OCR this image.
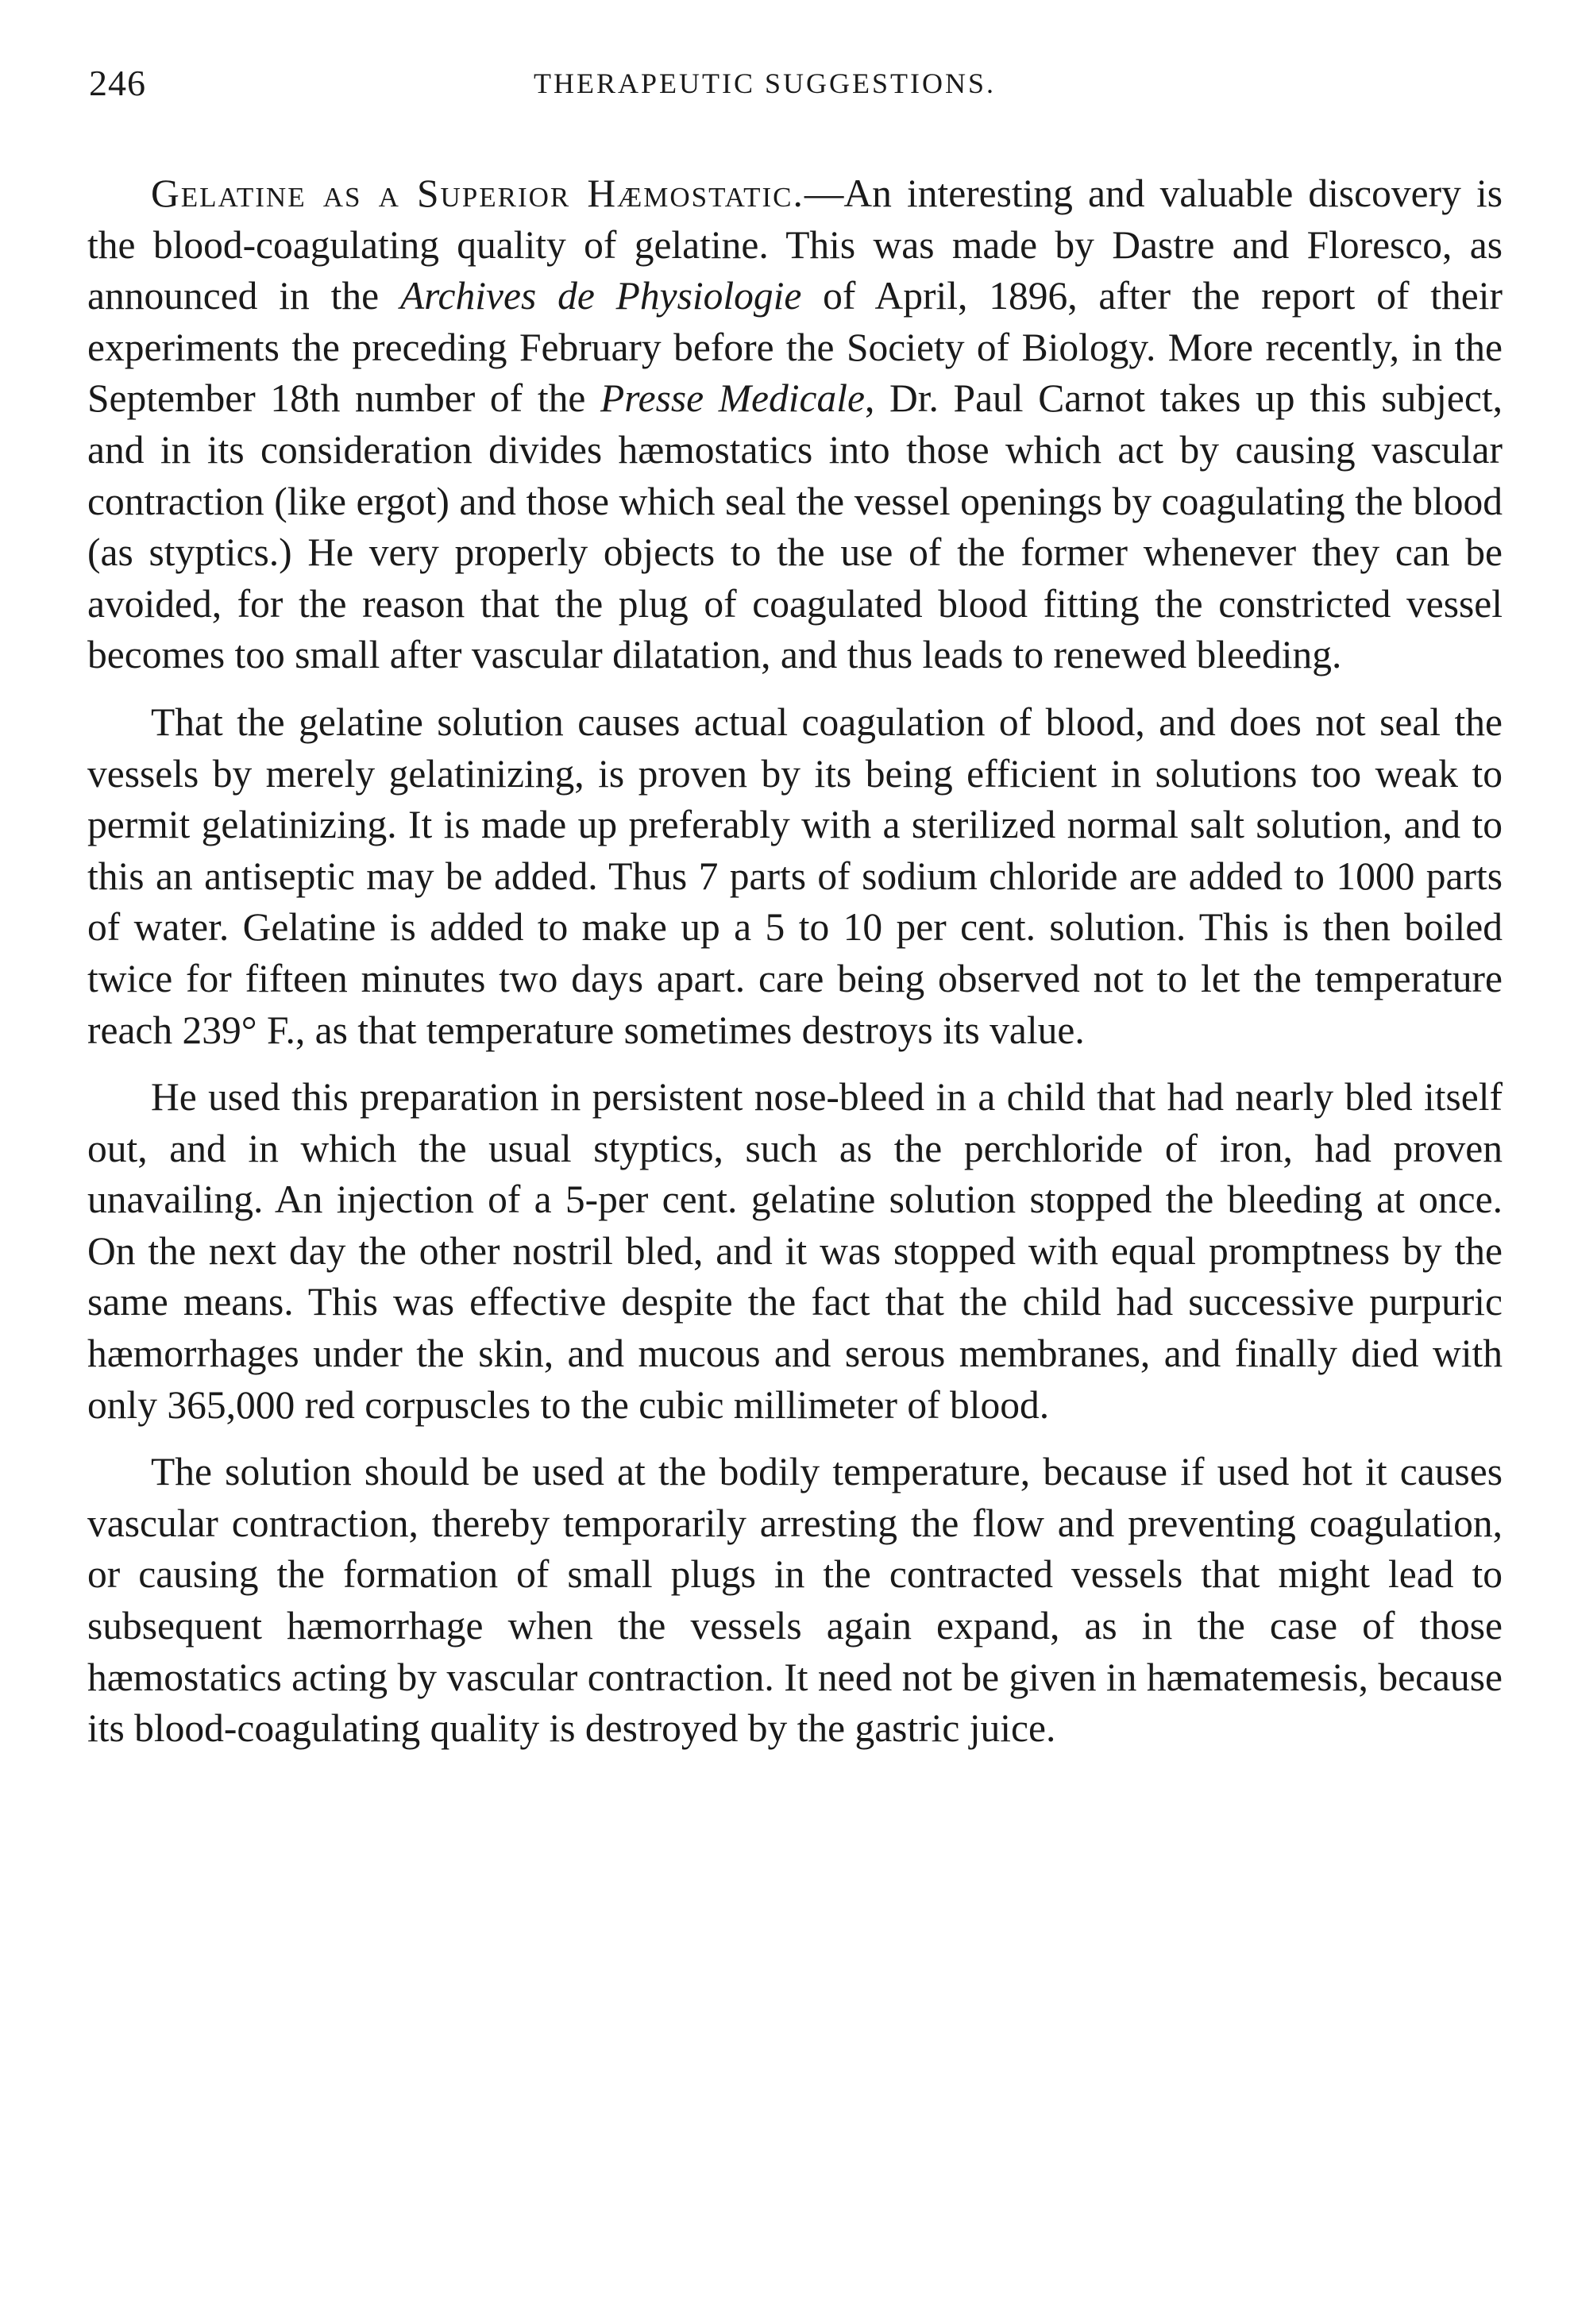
246	THERAPEUTIC SUGGESTIONS.

Gelatine as a Superior Hæmostatic.—An interesting and valuable discovery is the blood-coagulating quality of gelatine. This was made by Dastre and Floresco, as announced in the Archives de Physiologie of April, 1896, after the report of their experiments the preceding February before the Society of Biology. More recently, in the September 18th number of the Presse Medicale, Dr. Paul Carnot takes up this subject, and in its consideration divides hæmostatics into those which act by causing vascular contraction (like ergot) and those which seal the vessel openings by coagulating the blood (as styptics.) He very properly objects to the use of the former whenever they can be avoided, for the reason that the plug of coagulated blood fitting the constricted vessel becomes too small after vascular dilatation, and thus leads to renewed bleeding.

That the gelatine solution causes actual coagulation of blood, and does not seal the vessels by merely gelatinizing, is proven by its being efficient in solutions too weak to permit gelatinizing. It is made up preferably with a sterilized normal salt solution, and to this an antiseptic may be added. Thus 7 parts of sodium chloride are added to 1000 parts of water. Gelatine is added to make up a 5 to 10 per cent. solution. This is then boiled twice for fifteen minutes two days apart. care being observed not to let the temperature reach 239° F., as that temperature sometimes destroys its value.

He used this preparation in persistent nose-bleed in a child that had nearly bled itself out, and in which the usual styptics, such as the perchloride of iron, had proven unavailing. An injection of a 5-per cent. gelatine solution stopped the bleeding at once. On the next day the other nostril bled, and it was stopped with equal promptness by the same means. This was effective despite the fact that the child had successive purpuric hæmorrhages under the skin, and mucous and serous membranes, and finally died with only 365,000 red corpuscles to the cubic millimeter of blood.

The solution should be used at the bodily temperature, because if used hot it causes vascular contraction, thereby temporarily arresting the flow and preventing coagulation, or causing the formation of small plugs in the contracted vessels that might lead to subsequent hæmorrhage when the vessels again expand, as in the case of those hæmostatics acting by vascular contraction. It need not be given in hæmatemesis, because its blood-coagulating quality is destroyed by the gastric juice.
